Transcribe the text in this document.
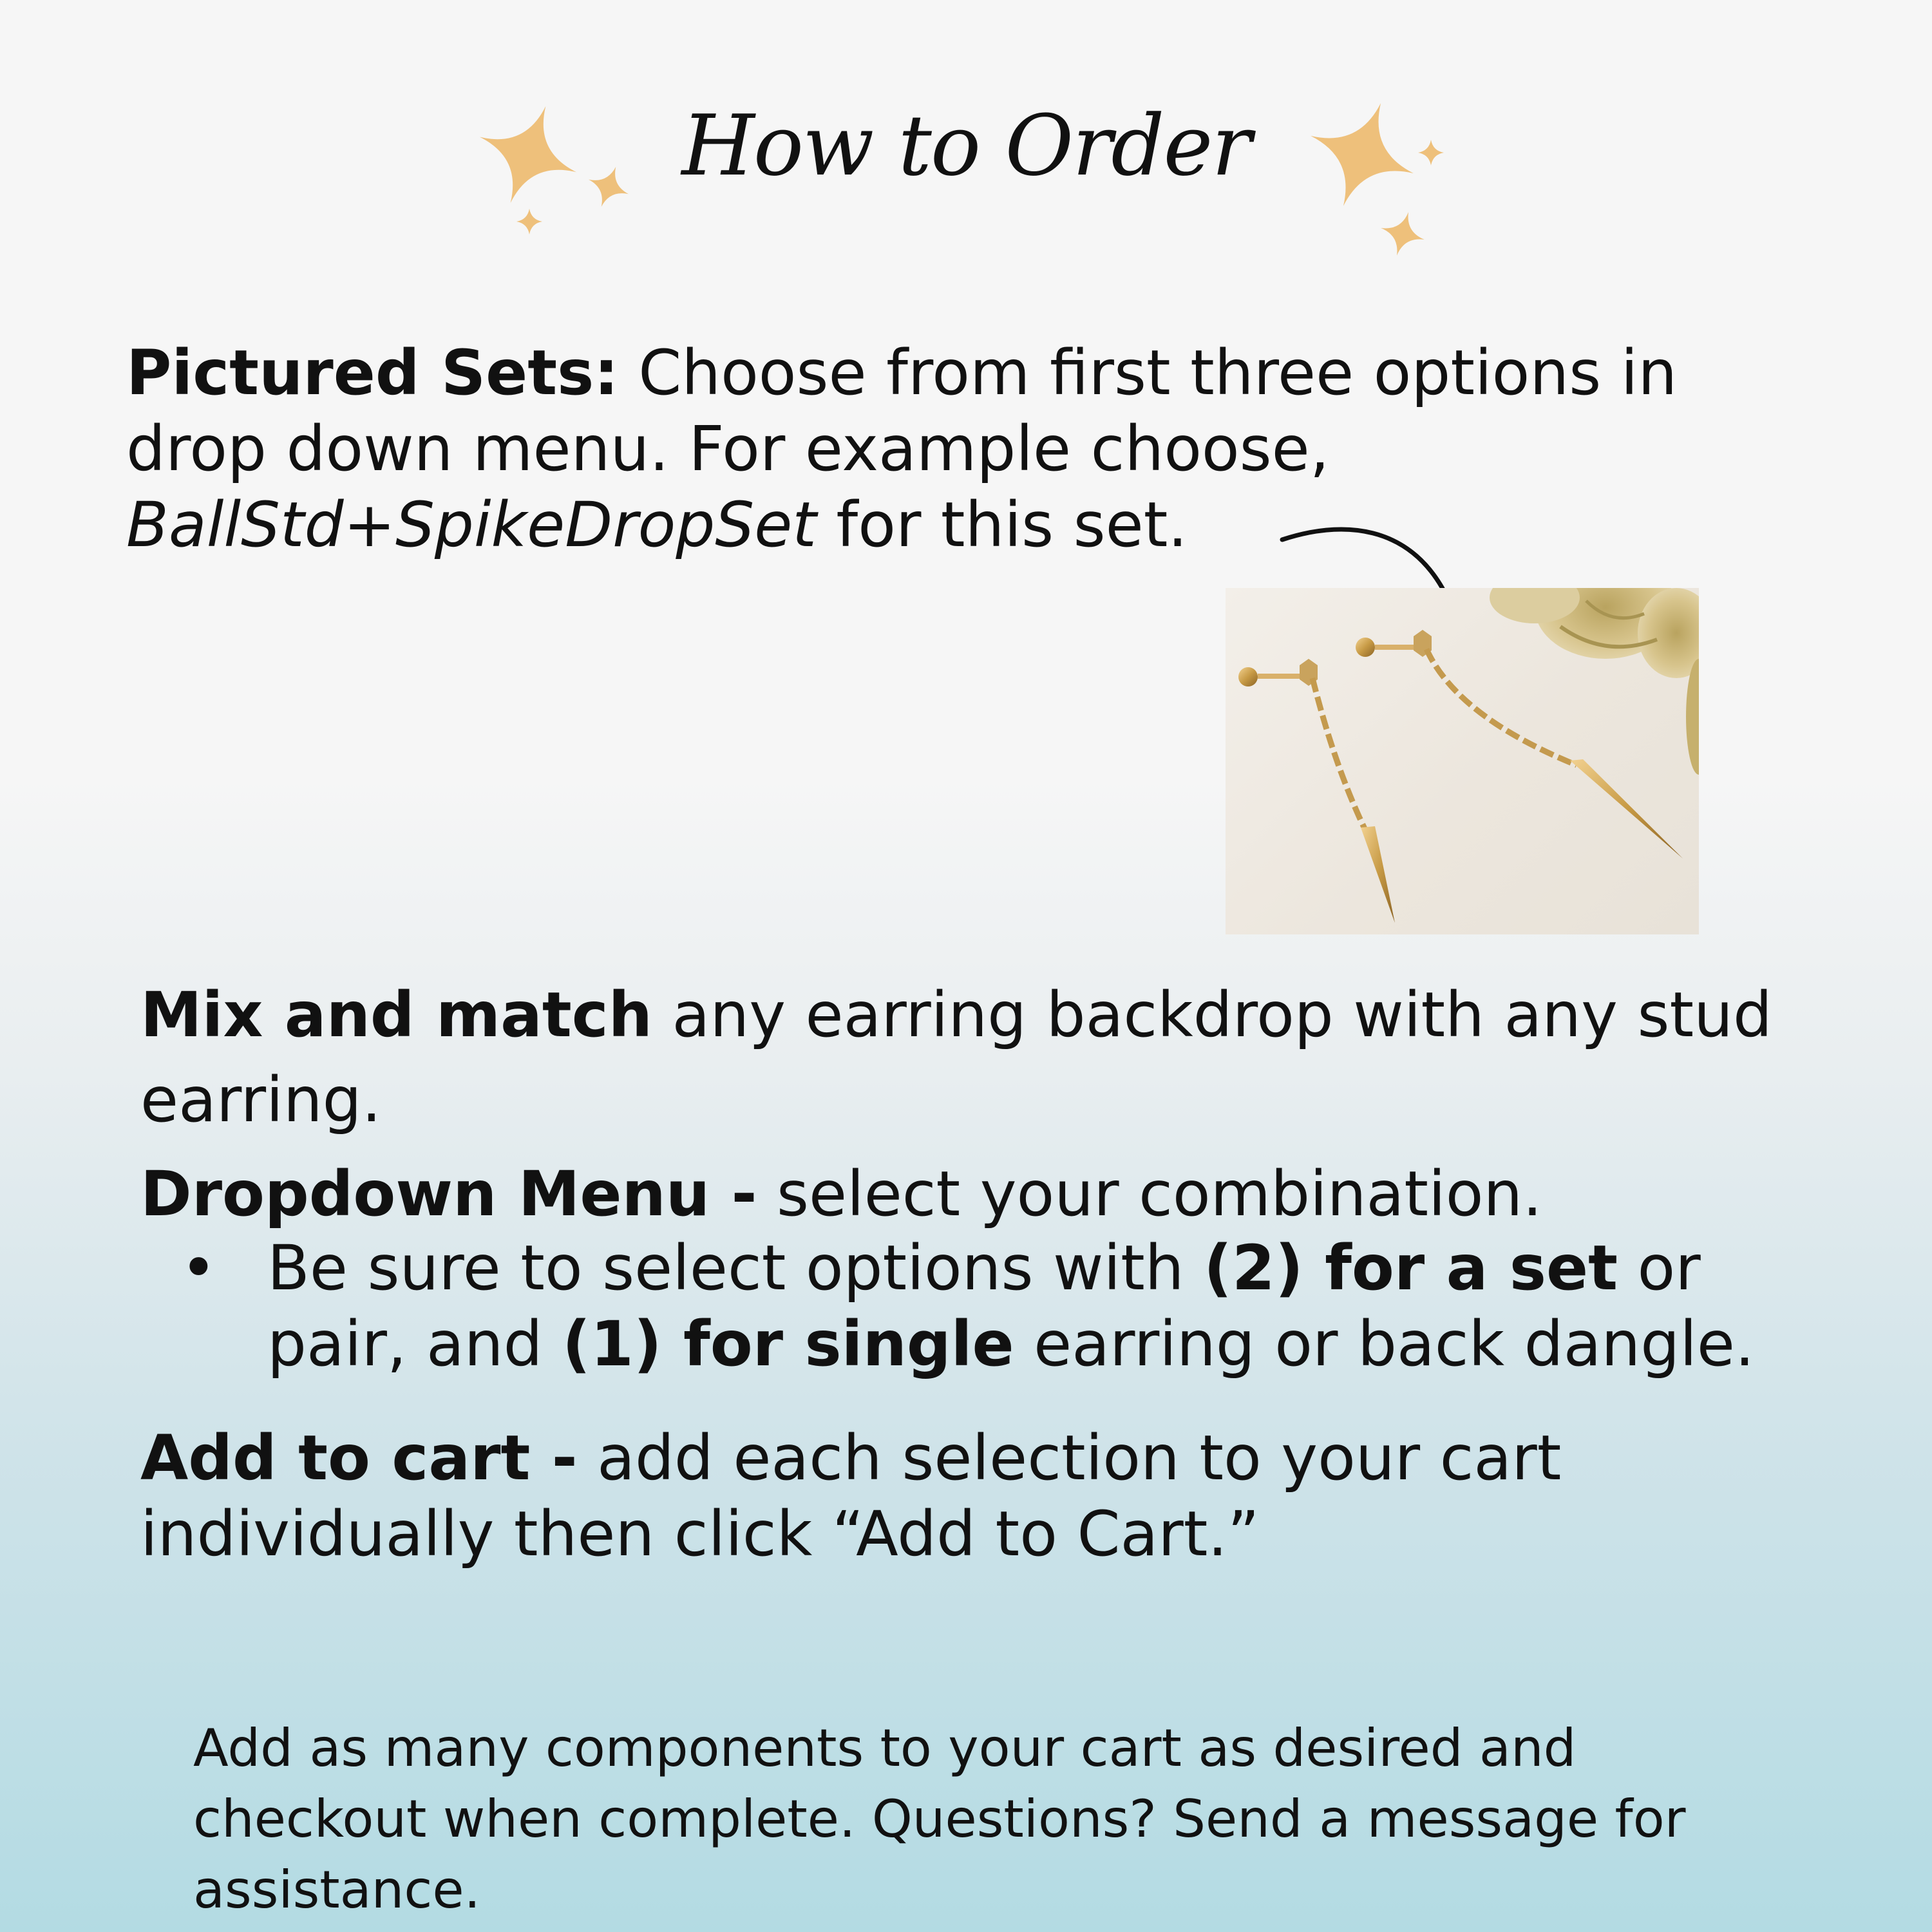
How to Order

Pictured Sets: Choose from first three options in drop down menu. For example choose, BallStd+SpikeDropSet for this set.

Mix and match any earring backdrop with any stud earring.

Dropdown Menu - select your combination.

• Be sure to select options with (2) for a set or pair, and (1) for single earring or back dangle.

Add to cart - add each selection to your cart individually then click “Add to Cart.”

Add as many components to your cart as desired and checkout when complete. Questions? Send a message for assistance.
